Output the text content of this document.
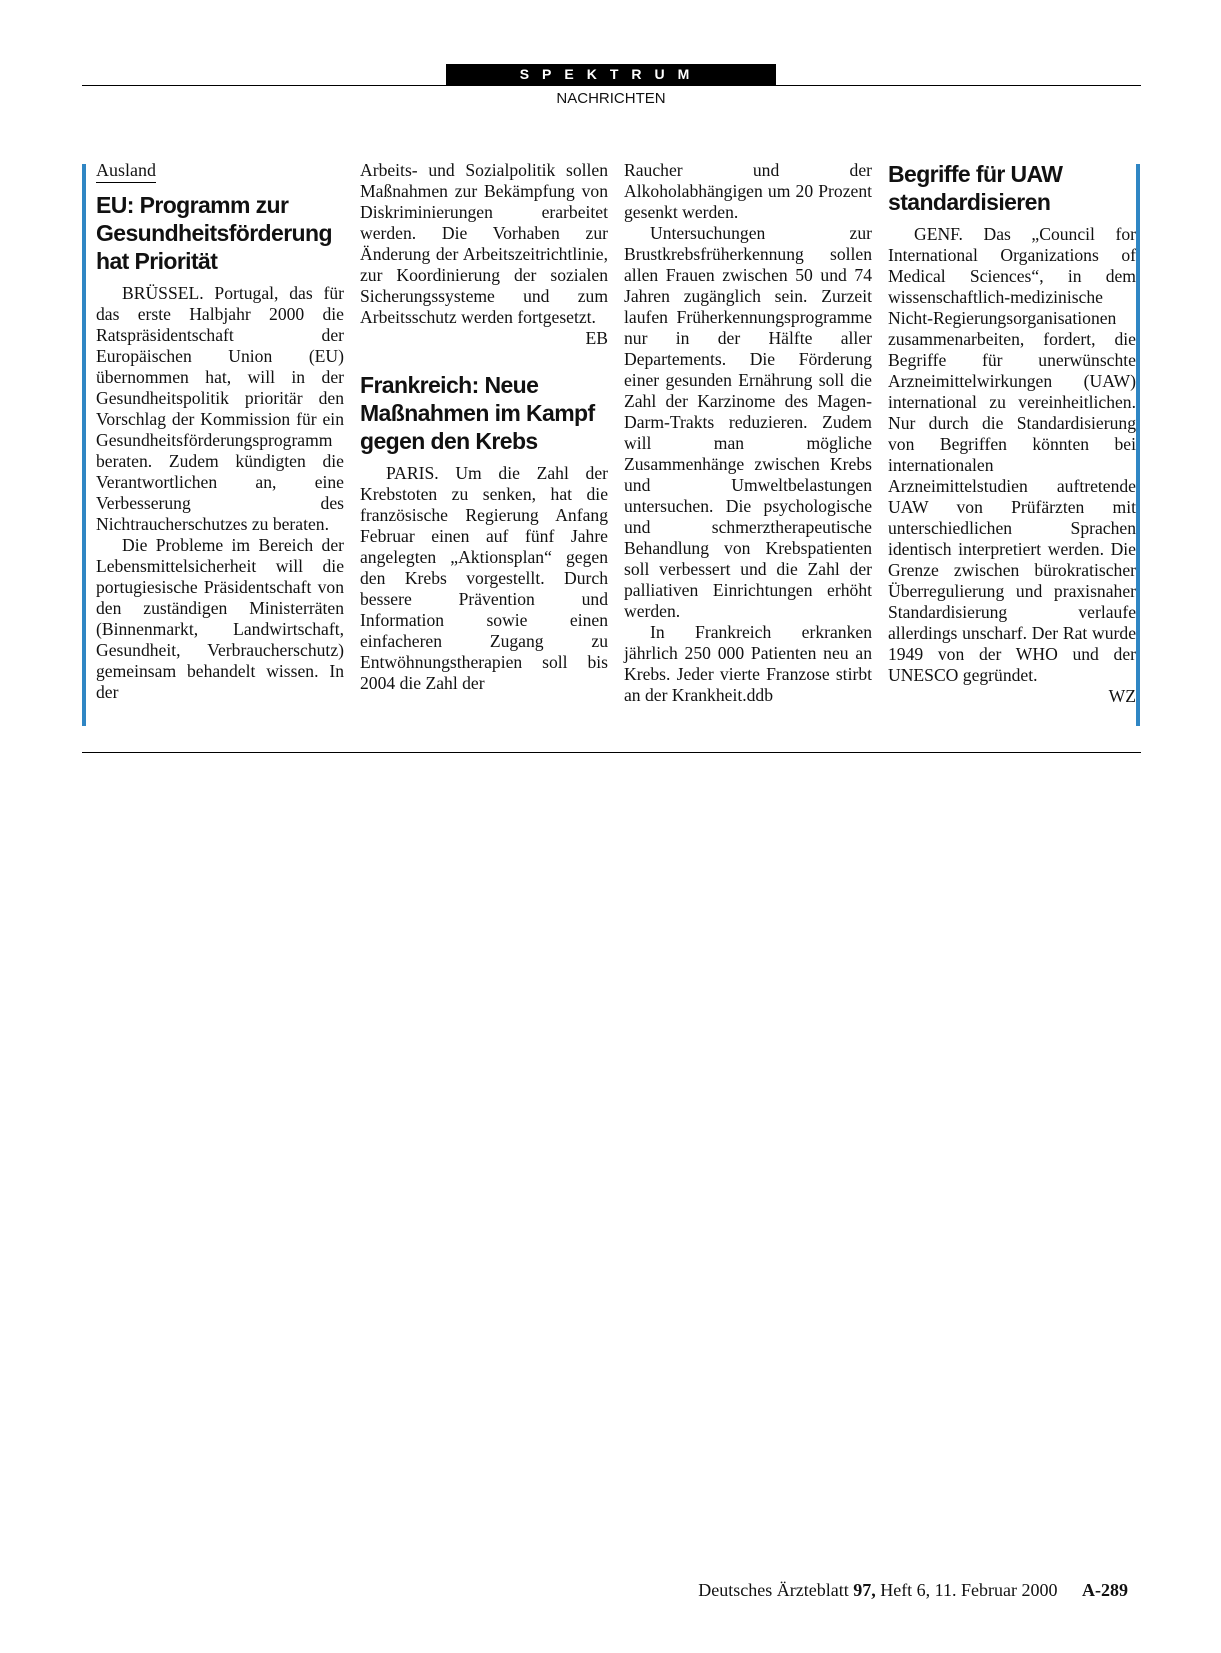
SPEKTRUM
NACHRICHTEN
Ausland
EU: Programm zur Gesundheitsförderung hat Priorität

BRÜSSEL. Portugal, das für das erste Halbjahr 2000 die Ratspräsidentschaft der Europäischen Union (EU) übernommen hat, will in der Gesundheitspolitik prioritär den Vorschlag der Kommission für ein Gesundheitsförderungsprogramm beraten. Zudem kündigten die Verantwortlichen an, eine Verbesserung des Nichtraucherschutzes zu beraten.

Die Probleme im Bereich der Lebensmittelsicherheit will die portugiesische Präsidentschaft von den zuständigen Ministerräten (Binnenmarkt, Landwirtschaft, Gesundheit, Verbraucherschutz) gemeinsam behandelt wissen. In der

Arbeits- und Sozialpolitik sollen Maßnahmen zur Bekämpfung von Diskriminierungen erarbeitet werden. Die Vorhaben zur Änderung der Arbeitszeitrichtlinie, zur Koordinierung der sozialen Sicherungssysteme und zum Arbeitsschutz werden fortgesetzt.

EB
Frankreich: Neue Maßnahmen im Kampf gegen den Krebs

PARIS. Um die Zahl der Krebstoten zu senken, hat die französische Regierung Anfang Februar einen auf fünf Jahre angelegten „Aktionsplan“ gegen den Krebs vorgestellt. Durch bessere Prävention und Information sowie einen einfacheren Zugang zu Entwöhnungstherapien soll bis 2004 die Zahl der

Raucher und der Alkoholabhängigen um 20 Prozent gesenkt werden.

Untersuchungen zur Brustkrebsfrüherkennung sollen allen Frauen zwischen 50 und 74 Jahren zugänglich sein. Zurzeit laufen Früherkennungsprogramme nur in der Hälfte aller Departements. Die Förderung einer gesunden Ernährung soll die Zahl der Karzinome des Magen-Darm-Trakts reduzieren. Zudem will man mögliche Zusammenhänge zwischen Krebs und Umweltbelastungen untersuchen. Die psychologische und schmerztherapeutische Behandlung von Krebspatienten soll verbessert und die Zahl der palliativen Einrichtungen erhöht werden.

In Frankreich erkranken jährlich 250 000 Patienten neu an Krebs. Jeder vierte Franzose stirbt an der Krankheit.ddb

Begriffe für UAW standardisieren

GENF. Das „Council for International Organizations of Medical Sciences“, in dem wissenschaftlich-medizinische Nicht-Regierungsorganisationen zusammenarbeiten, fordert, die Begriffe für unerwünschte Arzneimittelwirkungen (UAW) international zu vereinheitlichen. Nur durch die Standardisierung von Begriffen könnten bei internationalen Arzneimittelstudien auftretende UAW von Prüfärzten mit unterschiedlichen Sprachen identisch interpretiert werden. Die Grenze zwischen bürokratischer Überregulierung und praxisnaher Standardisierung verlaufe allerdings unscharf. Der Rat wurde 1949 von der WHO und der UNESCO gegründet.

WZ
Deutsches Ärzteblatt 97, Heft 6, 11. Februar 2000 A-289
